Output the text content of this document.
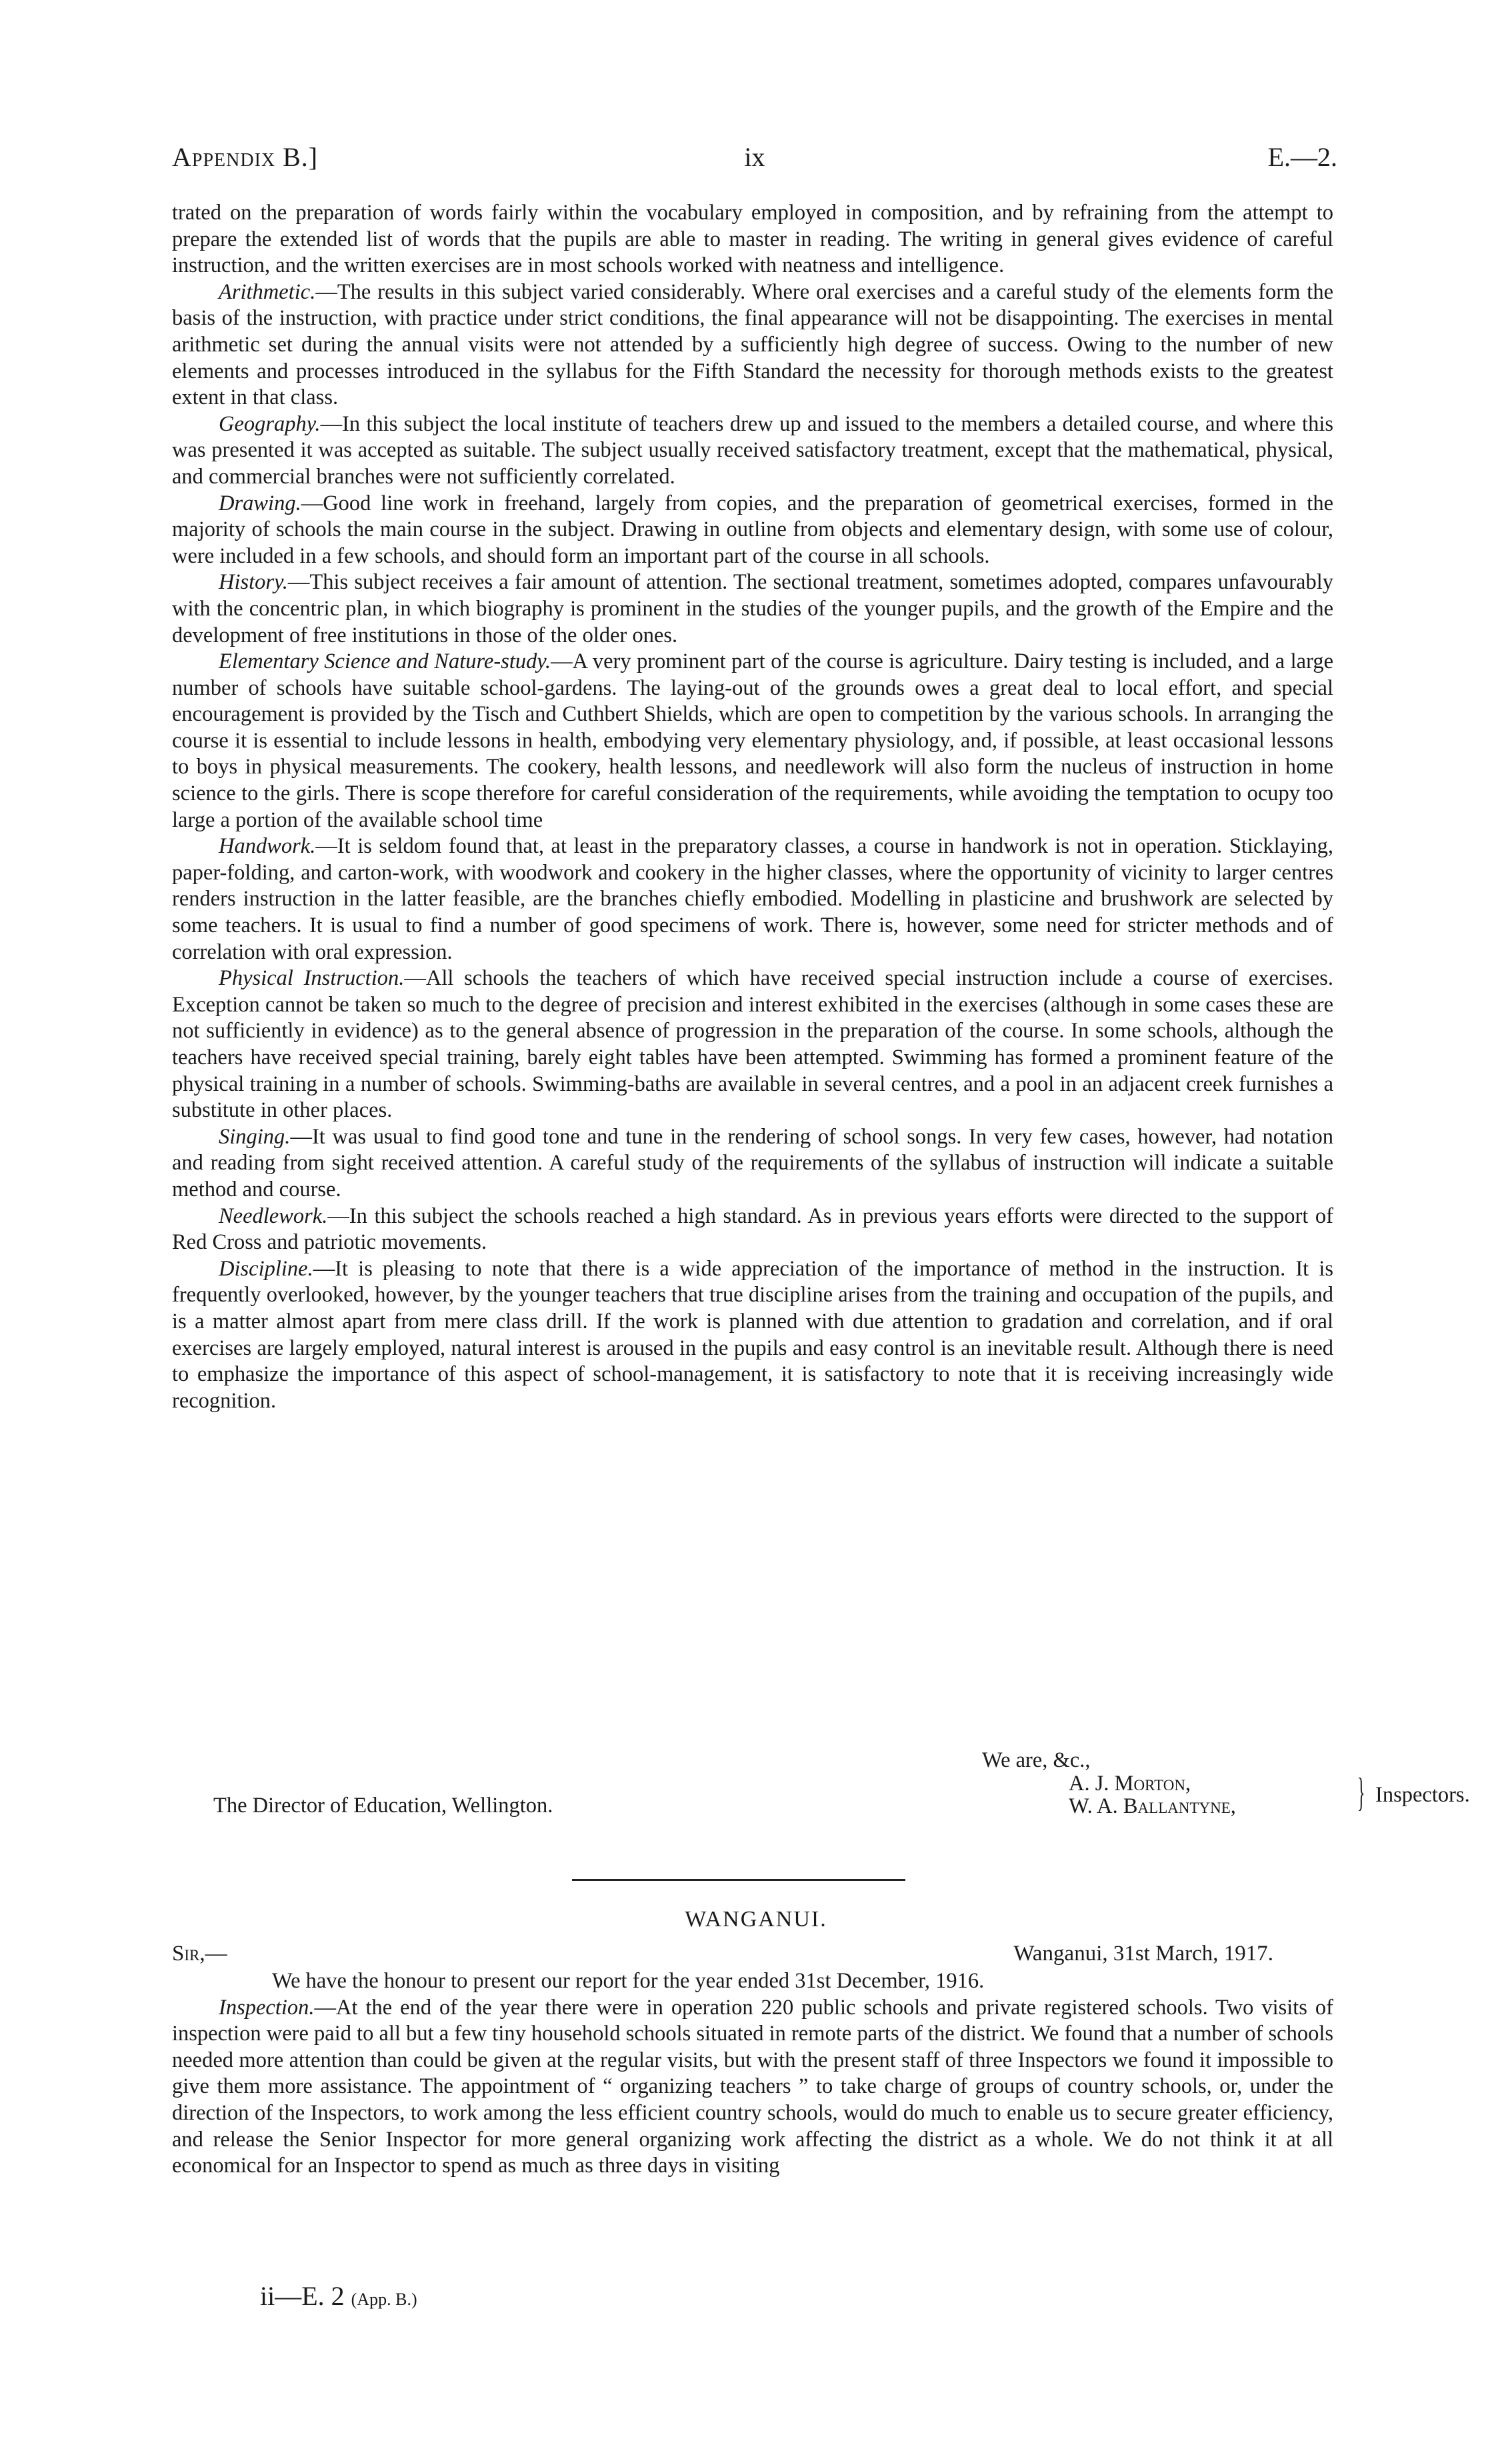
Appendix B.]	ix	E.—2.

trated on the preparation of words fairly within the vocabulary employed in composition, and by refraining from the attempt to prepare the extended list of words that the pupils are able to master in reading. The writing in general gives evidence of careful instruction, and the written exercises are in most schools worked with neatness and intelligence.

Arithmetic.—The results in this subject varied considerably. Where oral exercises and a careful study of the elements form the basis of the instruction, with practice under strict conditions, the final appearance will not be disappointing. The exercises in mental arithmetic set during the annual visits were not attended by a sufficiently high degree of success. Owing to the number of new elements and processes introduced in the syllabus for the Fifth Standard the necessity for thorough methods exists to the greatest extent in that class.

Geography.—In this subject the local institute of teachers drew up and issued to the members a detailed course, and where this was presented it was accepted as suitable. The subject usually received satisfactory treatment, except that the mathematical, physical, and commercial branches were not sufficiently correlated.

Drawing.—Good line work in freehand, largely from copies, and the preparation of geometrical exercises, formed in the majority of schools the main course in the subject. Drawing in outline from objects and elementary design, with some use of colour, were included in a few schools, and should form an important part of the course in all schools.

History.—This subject receives a fair amount of attention. The sectional treatment, sometimes adopted, compares unfavourably with the concentric plan, in which biography is prominent in the studies of the younger pupils, and the growth of the Empire and the development of free institutions in those of the older ones.

Elementary Science and Nature-study.—A very prominent part of the course is agriculture. Dairy testing is included, and a large number of schools have suitable school-gardens. The laying-out of the grounds owes a great deal to local effort, and special encouragement is provided by the Tisch and Cuthbert Shields, which are open to competition by the various schools. In arranging the course it is essential to include lessons in health, embodying very elementary physiology, and, if possible, at least occasional lessons to boys in physical measurements. The cookery, health lessons, and needlework will also form the nucleus of instruction in home science to the girls. There is scope therefore for careful consideration of the requirements, while avoiding the temptation to ocupy too large a portion of the available school time

Handwork.—It is seldom found that, at least in the preparatory classes, a course in handwork is not in operation. Sticklaying, paper-folding, and carton-work, with woodwork and cookery in the higher classes, where the opportunity of vicinity to larger centres renders instruction in the latter feasible, are the branches chiefly embodied. Modelling in plasticine and brushwork are selected by some teachers. It is usual to find a number of good specimens of work. There is, however, some need for stricter methods and of correlation with oral expression.

Physical Instruction.—All schools the teachers of which have received special instruction include a course of exercises. Exception cannot be taken so much to the degree of precision and interest exhibited in the exercises (although in some cases these are not sufficiently in evidence) as to the general absence of progression in the preparation of the course. In some schools, although the teachers have received special training, barely eight tables have been attempted. Swimming has formed a prominent feature of the physical training in a number of schools. Swimming-baths are available in several centres, and a pool in an adjacent creek furnishes a substitute in other places.

Singing.—It was usual to find good tone and tune in the rendering of school songs. In very few cases, however, had notation and reading from sight received attention. A careful study of the requirements of the syllabus of instruction will indicate a suitable method and course.

Needlework.—In this subject the schools reached a high standard. As in previous years efforts were directed to the support of Red Cross and patriotic movements.

Discipline.—It is pleasing to note that there is a wide appreciation of the importance of method in the instruction. It is frequently overlooked, however, by the younger teachers that true discipline arises from the training and occupation of the pupils, and is a matter almost apart from mere class drill. If the work is planned with due attention to gradation and correlation, and if oral exercises are largely employed, natural interest is aroused in the pupils and easy control is an inevitable result. Although there is need to emphasize the importance of this aspect of school-management, it is satisfactory to note that it is receiving increasingly wide recognition.

We are, &c.,
The Director of Education, Wellington.
A. J. Morton,
W. A. Ballantyne,	} Inspectors.
WANGANUI.
Sir,—	Wanganui, 31st March, 1917.

We have the honour to present our report for the year ended 31st December, 1916.

Inspection.—At the end of the year there were in operation 220 public schools and private registered schools. Two visits of inspection were paid to all but a few tiny household schools situated in remote parts of the district. We found that a number of schools needed more attention than could be given at the regular visits, but with the present staff of three Inspectors we found it impossible to give them more assistance. The appointment of “ organizing teachers ” to take charge of groups of country schools, or, under the direction of the Inspectors, to work among the less efficient country schools, would do much to enable us to secure greater efficiency, and release the Senior Inspector for more general organizing work affecting the district as a whole. We do not think it at all economical for an Inspector to spend as much as three days in visiting

ii—E. 2 (App. B.)
